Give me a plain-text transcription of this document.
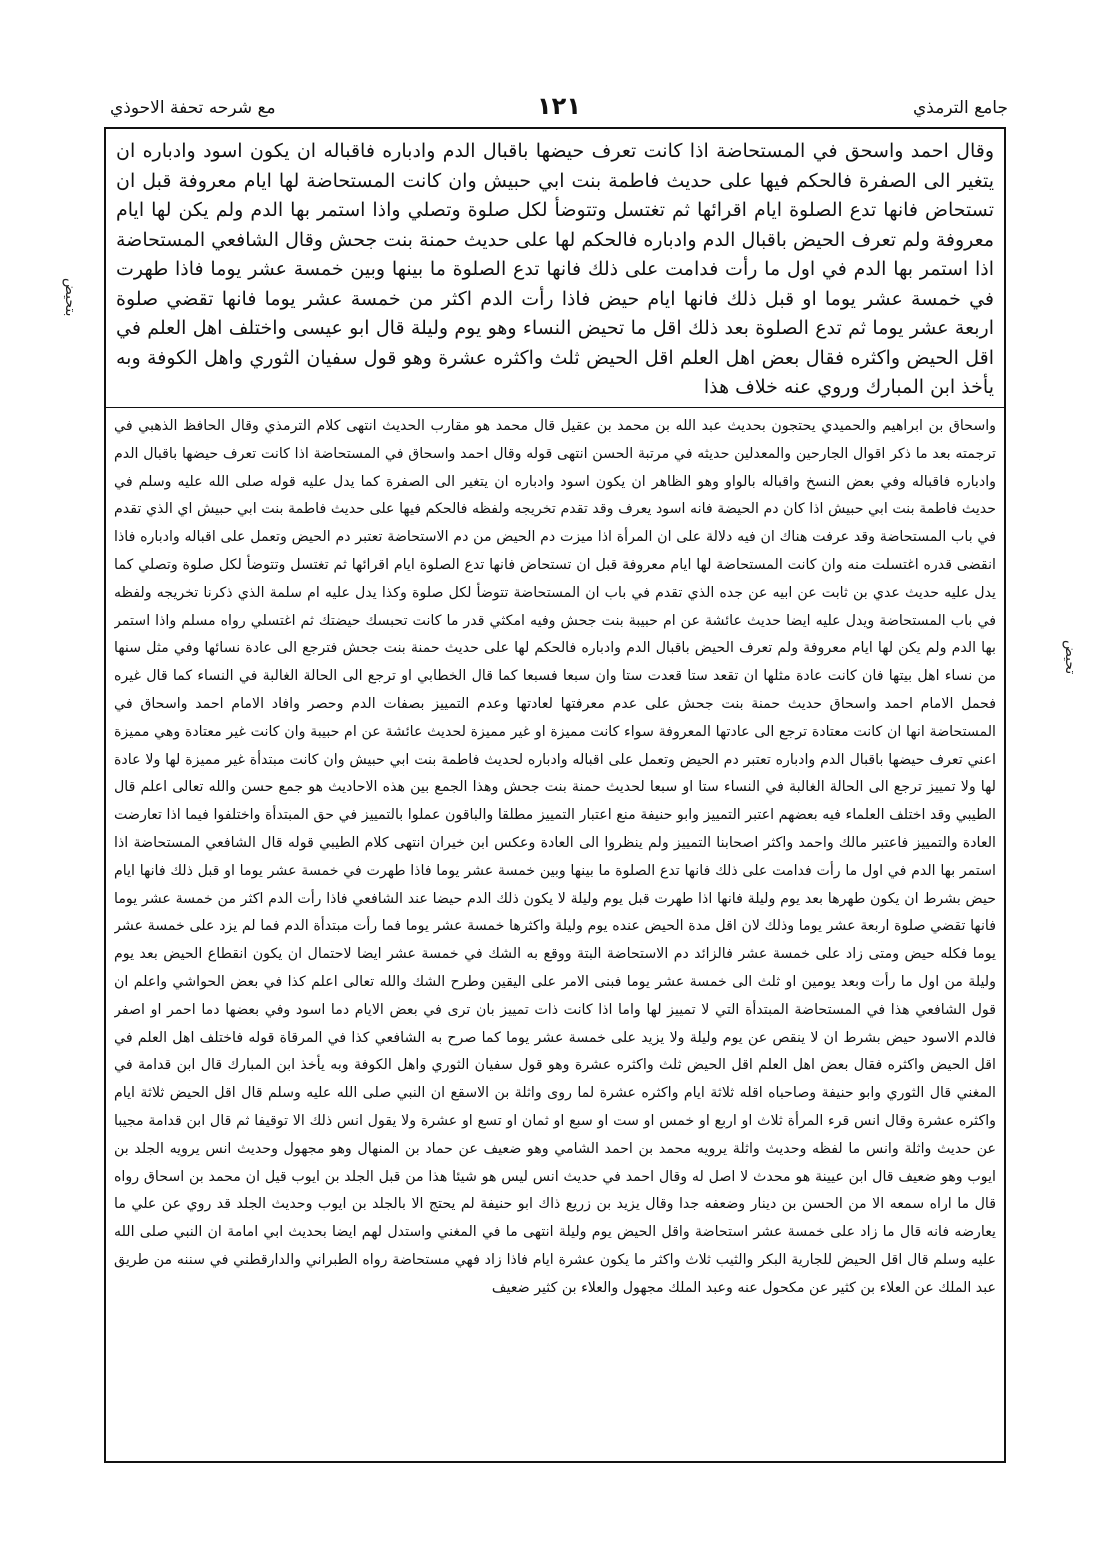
جامع الترمذي
١٢١
مع شرحه تحفة الاحوذي
بتحيض
تحيض
وقال احمد واسحق في المستحاضة اذا كانت تعرف حيضها باقبال الدم وادباره فاقباله ان يكون اسود وادباره ان يتغير الى الصفرة فالحكم فيها على حديث فاطمة بنت ابي حبيش وان كانت المستحاضة لها ايام معروفة قبل ان تستحاض فانها تدع الصلوة ايام اقرائها ثم تغتسل وتتوضأ لكل صلوة وتصلي واذا استمر بها الدم ولم يكن لها ايام معروفة ولم تعرف الحيض باقبال الدم وادباره فالحكم لها على حديث حمنة بنت جحش وقال الشافعي المستحاضة اذا استمر بها الدم في اول ما رأت فدامت على ذلك فانها تدع الصلوة ما بينها وبين خمسة عشر يوما فاذا طهرت في خمسة عشر يوما او قبل ذلك فانها ايام حيض فاذا رأت الدم اكثر من خمسة عشر يوما فانها تقضي صلوة اربعة عشر يوما ثم تدع الصلوة بعد ذلك اقل ما تحيض النساء وهو يوم وليلة قال ابو عيسى واختلف اهل العلم في اقل الحيض واكثره فقال بعض اهل العلم اقل الحيض ثلث واكثره عشرة وهو قول سفيان الثوري واهل الكوفة وبه يأخذ ابن المبارك وروي عنه خلاف هذا
واسحاق بن ابراهيم والحميدي يحتجون بحديث عبد الله بن محمد بن عقيل قال محمد هو مقارب الحديث انتهى كلام الترمذي وقال الحافظ الذهبي في ترجمته بعد ما ذكر اقوال الجارحين والمعدلين حديثه في مرتبة الحسن انتهى قوله وقال احمد واسحاق في المستحاضة اذا كانت تعرف حيضها باقبال الدم وادباره فاقباله وفي بعض النسخ واقباله بالواو وهو الظاهر ان يكون اسود وادباره ان يتغير الى الصفرة كما يدل عليه قوله صلى الله عليه وسلم في حديث فاطمة بنت ابي حبيش اذا كان دم الحيضة فانه اسود يعرف وقد تقدم تخريجه ولفظه فالحكم فيها على حديث فاطمة بنت ابي حبيش اي الذي تقدم في باب المستحاضة وقد عرفت هناك ان فيه دلالة على ان المرأة اذا ميزت دم الحيض من دم الاستحاضة تعتبر دم الحيض وتعمل على اقباله وادباره فاذا انقضى قدره اغتسلت منه وان كانت المستحاضة لها ايام معروفة قبل ان تستحاض فانها تدع الصلوة ايام اقرائها ثم تغتسل وتتوضأ لكل صلوة وتصلي كما يدل عليه حديث عدي بن ثابت عن ابيه عن جده الذي تقدم في باب ان المستحاضة تتوضأ لكل صلوة وكذا يدل عليه ام سلمة الذي ذكرنا تخريجه ولفظه في باب المستحاضة ويدل عليه ايضا حديث عائشة عن ام حبيبة بنت جحش وفيه امكثي قدر ما كانت تحبسك حيضتك ثم اغتسلي رواه مسلم واذا استمر بها الدم ولم يكن لها ايام معروفة ولم تعرف الحيض باقبال الدم وادباره فالحكم لها على حديث حمنة بنت جحش فترجع الى عادة نسائها وفي مثل سنها من نساء اهل بيتها فان كانت عادة مثلها ان تقعد ستا قعدت ستا وان سبعا فسبعا كما قال الخطابي او ترجع الى الحالة الغالبة في النساء كما قال غيره فحمل الامام احمد واسحاق حديث حمنة بنت جحش على عدم معرفتها لعادتها وعدم التمييز بصفات الدم وحصر وافاد الامام احمد واسحاق في المستحاضة انها ان كانت معتادة ترجع الى عادتها المعروفة سواء كانت مميزة او غير مميزة لحديث عائشة عن ام حبيبة وان كانت غير معتادة وهي مميزة اعني تعرف حيضها باقبال الدم وادباره تعتبر دم الحيض وتعمل على اقباله وادباره لحديث فاطمة بنت ابي حبيش وان كانت مبتدأة غير مميزة لها ولا عادة لها ولا تمييز ترجع الى الحالة الغالبة في النساء ستا او سبعا لحديث حمنة بنت جحش وهذا الجمع بين هذه الاحاديث هو جمع حسن والله تعالى اعلم قال الطيبي وقد اختلف العلماء فيه بعضهم اعتبر التمييز وابو حنيفة منع اعتبار التمييز مطلقا والباقون عملوا بالتمييز في حق المبتدأة واختلفوا فيما اذا تعارضت العادة والتمييز فاعتبر مالك واحمد واكثر اصحابنا التمييز ولم ينظروا الى العادة وعكس ابن خيران انتهى كلام الطيبي قوله قال الشافعي المستحاضة اذا استمر بها الدم في اول ما رأت فدامت على ذلك فانها تدع الصلوة ما بينها وبين خمسة عشر يوما فاذا طهرت في خمسة عشر يوما او قبل ذلك فانها ايام حيض بشرط ان يكون طهرها بعد يوم وليلة فانها اذا طهرت قبل يوم وليلة لا يكون ذلك الدم حيضا عند الشافعي فاذا رأت الدم اكثر من خمسة عشر يوما فانها تقضي صلوة اربعة عشر يوما وذلك لان اقل مدة الحيض عنده يوم وليلة واكثرها خمسة عشر يوما فما رأت مبتدأة الدم فما لم يزد على خمسة عشر يوما فكله حيض ومتى زاد على خمسة عشر فالزائد دم الاستحاضة البتة ووقع به الشك في خمسة عشر ايضا لاحتمال ان يكون انقطاع الحيض بعد يوم وليلة من اول ما رأت وبعد يومين او ثلث الى خمسة عشر يوما فبنى الامر على اليقين وطرح الشك والله تعالى اعلم كذا في بعض الحواشي واعلم ان قول الشافعي هذا في المستحاضة المبتدأة التي لا تمييز لها واما اذا كانت ذات تمييز بان ترى في بعض الايام دما اسود وفي بعضها دما احمر او اصفر فالدم الاسود حيض بشرط ان لا ينقص عن يوم وليلة ولا يزيد على خمسة عشر يوما كما صرح به الشافعي كذا في المرقاة قوله فاختلف اهل العلم في اقل الحيض واكثره فقال بعض اهل العلم اقل الحيض ثلث واكثره عشرة وهو قول سفيان الثوري واهل الكوفة وبه يأخذ ابن المبارك قال ابن قدامة في المغني قال الثوري وابو حنيفة وصاحباه اقله ثلاثة ايام واكثره عشرة لما روى واثلة بن الاسقع ان النبي صلى الله عليه وسلم قال اقل الحيض ثلاثة ايام واكثره عشرة وقال انس قرء المرأة ثلاث او اربع او خمس او ست او سبع او ثمان او تسع او عشرة ولا يقول انس ذلك الا توقيفا ثم قال ابن قدامة مجيبا عن حديث واثلة وانس ما لفظه وحديث واثلة يرويه محمد بن احمد الشامي وهو ضعيف عن حماد بن المنهال وهو مجهول وحديث انس يرويه الجلد بن ايوب وهو ضعيف قال ابن عيينة هو محدث لا اصل له وقال احمد في حديث انس ليس هو شيئا هذا من قبل الجلد بن ايوب قيل ان محمد بن اسحاق رواه قال ما اراه سمعه الا من الحسن بن دينار وضعفه جدا وقال يزيد بن زريع ذاك ابو حنيفة لم يحتج الا بالجلد بن ايوب وحديث الجلد قد روي عن علي ما يعارضه فانه قال ما زاد على خمسة عشر استحاضة واقل الحيض يوم وليلة انتهى ما في المغني واستدل لهم ايضا بحديث ابي امامة ان النبي صلى الله عليه وسلم قال اقل الحيض للجارية البكر والثيب ثلاث واكثر ما يكون عشرة ايام فاذا زاد فهي مستحاضة رواه الطبراني والدارقطني في سننه من طريق عبد الملك عن العلاء بن كثير عن مكحول عنه وعبد الملك مجهول والعلاء بن كثير ضعيف
